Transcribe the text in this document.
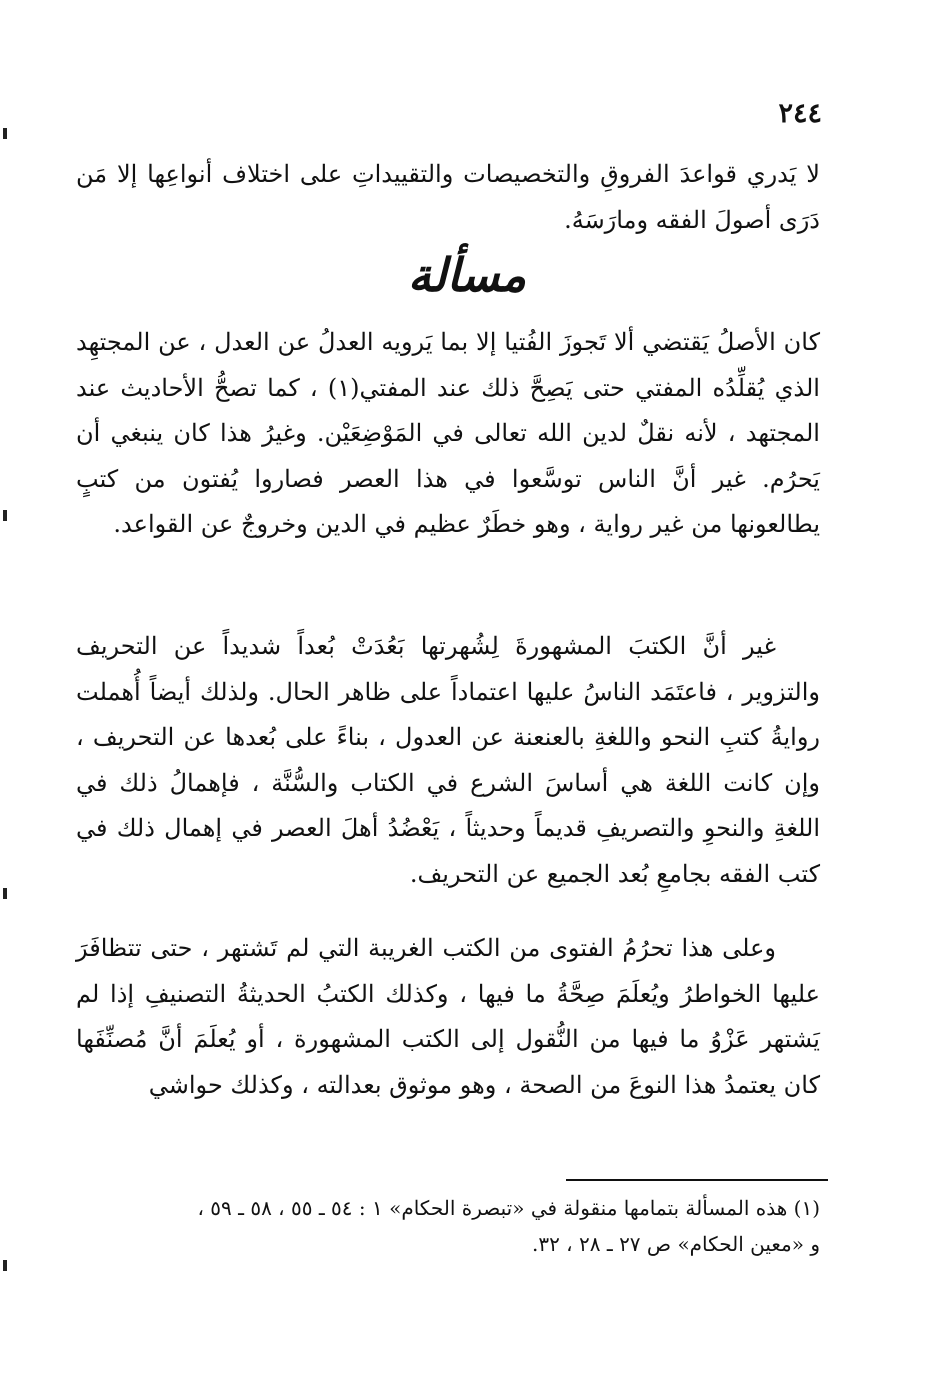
٢٤٤
لا يَدري قواعدَ الفروقِ والتخصيصات والتقييداتِ على اختلاف أنواعِها إلا مَن دَرَى أصولَ الفقه ومارَسَهُ.
مسألة
كان الأصلُ يَقتضي ألا تَجوزَ الفُتيا إلا بما يَرويه العدلُ عن العدل ، عن المجتهِد الذي يُقلِّدُه المفتي حتى يَصِحَّ ذلك عند المفتي(١) ، كما تصحُّ الأحاديث عند المجتهد ، لأنه نقلٌ لدين الله تعالى في المَوْضِعَيْن. وغيرُ هذا كان ينبغي أن يَحرُم. غير أنَّ الناس توسَّعوا في هذا العصر فصاروا يُفتون من كتبٍ يطالعونها من غير رواية ، وهو خطَرٌ عظيم في الدين وخروجٌ عن القواعد.
غير أنَّ الكتبَ المشهورةَ لِشُهرتها بَعُدَتْ بُعداً شديداً عن التحريف والتزوير ، فاعتَمَد الناسُ عليها اعتماداً على ظاهر الحال. ولذلك أيضاً أُهملت روايةُ كتبِ النحو واللغةِ بالعنعنة عن العدول ، بناءً على بُعدها عن التحريف ، وإن كانت اللغة هي أساسَ الشرع في الكتاب والسُّنَّة ، فإهمالُ ذلك في اللغةِ والنحوِ والتصريفِ قديماً وحديثاً ، يَعْضُدُ أهلَ العصر في إهمال ذلك في كتب الفقه بجامعِ بُعد الجميع عن التحريف.
وعلى هذا تحرُمُ الفتوى من الكتب الغريبة التي لم تَشتهر ، حتى تتظافَرَ عليها الخواطرُ ويُعلَمَ صِحَّةُ ما فيها ، وكذلك الكتبُ الحديثةُ التصنيفِ إذا لم يَشتهر عَزْوُ ما فيها من النُّقول إلى الكتب المشهورة ، أو يُعلَمَ أنَّ مُصنِّفَها كان يعتمدُ هذا النوعَ من الصحة ، وهو موثوق بعدالته ، وكذلك حواشي
(١) هذه المسألة بتمامها منقولة في «تبصرة الحكام» ١ : ٥٤ ـ ٥٥ ، ٥٨ ـ ٥٩ ،
و «معين الحكام» ص ٢٧ ـ ٢٨ ، ٣٢.
